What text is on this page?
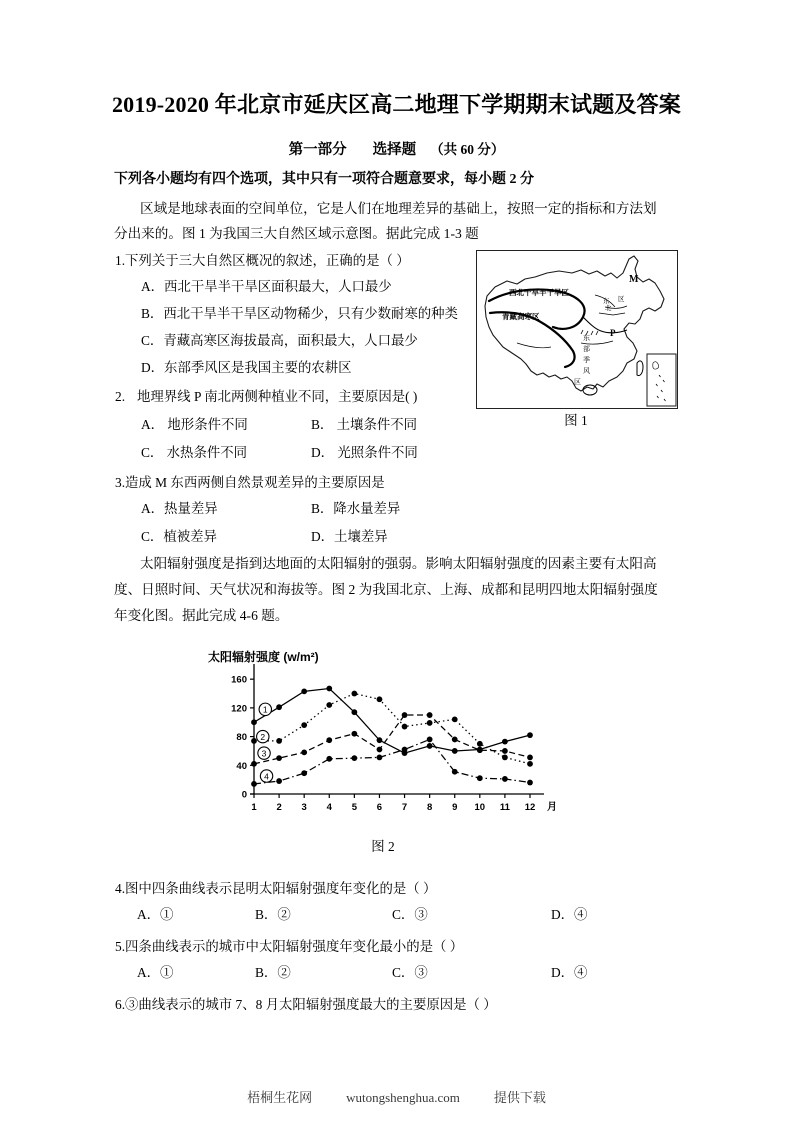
2019-2020 年北京市延庆区高二地理下学期期末试题及答案
第一部分 选择题 （共 60 分）
下列各小题均有四个选项，其中只有一项符合题意要求，每小题 2 分
区域是地球表面的空间单位，它是人们在地理差异的基础上，按照一定的指标和方法划
分出来的。图 1 为我国三大自然区域示意图。据此完成 1-3 题
西北干旱半干旱区
青藏高寒区
东
部
季
风
区
东
北
区
M
P
图 1
1.下列关于三大自然区概况的叙述，正确的是（ ）
A．西北干旱半干旱区面积最大，人口最少
B．西北干旱半干旱区动物稀少，只有少数耐寒的种类
C．青藏高寒区海拔最高，面积最大，人口最少
D．东部季风区是我国主要的农耕区
2. 地理界线 P 南北两侧种植业不同，主要原因是( )
A． 地形条件不同	B． 土壤条件不同
C． 水热条件不同	D． 光照条件不同
3.造成 M 东西两侧自然景观差异的主要原因是
A．热量差异	B．降水量差异
C．植被差异	D．土壤差异
太阳辐射强度是指到达地面的太阳辐射的强弱。影响太阳辐射强度的因素主要有太阳高
度、日照时间、天气状况和海拔等。图 2 为我国北京、上海、成都和昆明四地太阳辐射强度
年变化图。据此完成 4-6 题。
太阳辐射强度 (w/m²)
0
40
80
120
160
1 2 3 4 5 6 7 8 9 10 11 12 月
1
2
3
4
图 2
4.图中四条曲线表示昆明太阳辐射强度年变化的是（ ）
A．①	B．②	C．③	D．④
5.四条曲线表示的城市中太阳辐射强度年变化最小的是（ ）
A．①	B．②	C．③	D．④
6.③曲线表示的城市 7、8 月太阳辐射强度最大的主要原因是（ ）
梧桐生花网	wutongshenghua.com	提供下载
